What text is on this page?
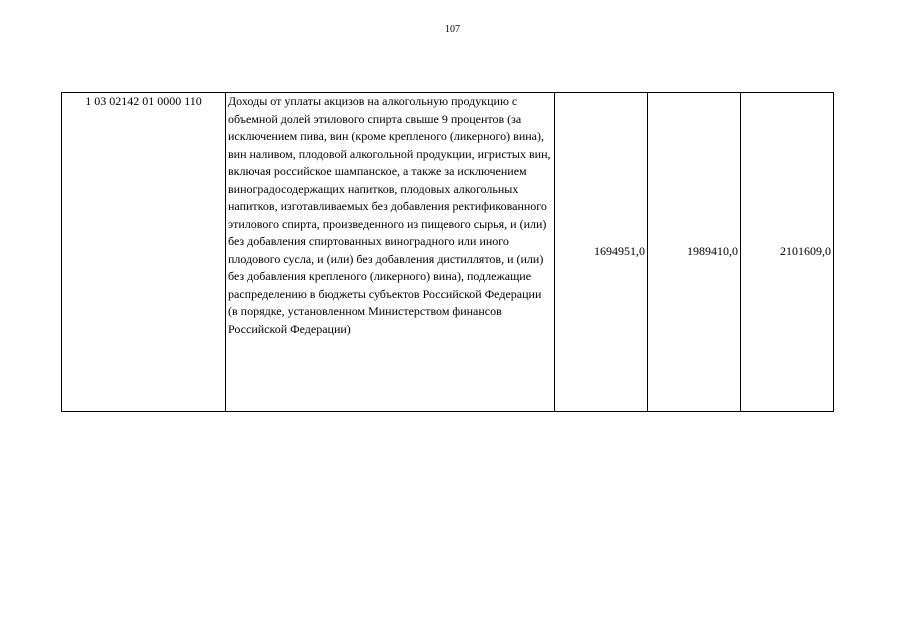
107
1 03 02142 01 0000 110	Доходы от уплаты акцизов на алкогольную продукцию с объемной долей этилового спирта свыше 9 процентов (за исключением пива, вин (кроме крепленого (ликерного) вина), вин наливом, плодовой алкогольной продукции, игристых вин, включая российское шампанское, а также за исключением виноградосодержащих напитков, плодовых алкогольных напитков, изготавливаемых без добавления ректификованного этилового спирта, произведенного из пищевого сырья, и (или) без добавления спиртованных виноградного или иного плодового сусла, и (или) без добавления дистиллятов, и (или) без добавления крепленого (ликерного) вина), подлежащие распределению в бюджеты субъектов Российской Федерации (в порядке, установленном Министерством финансов Российской Федерации)	1694951,0	1989410,0	2101609,0
